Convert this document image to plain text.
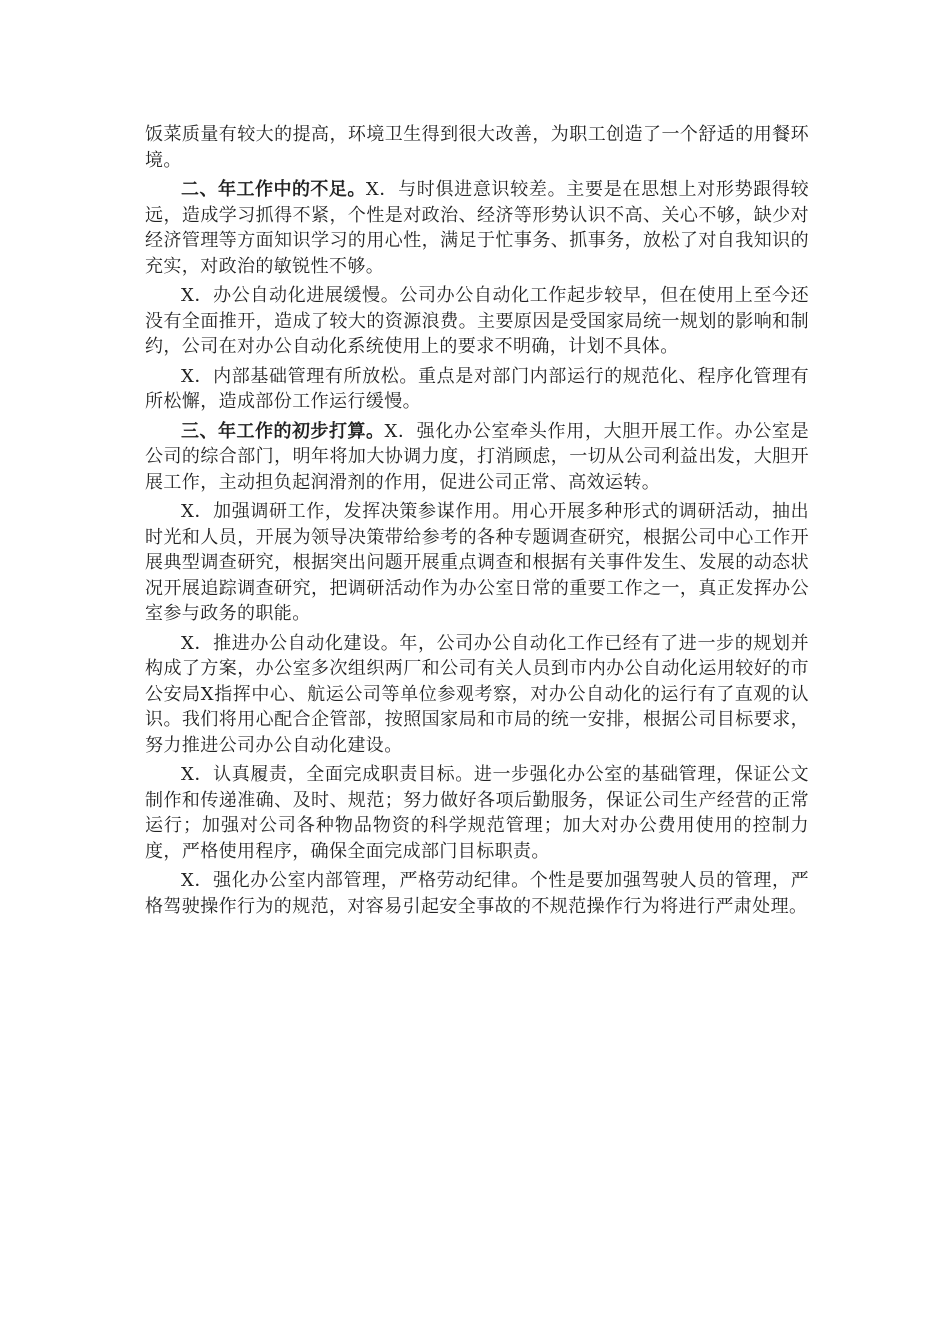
饭菜质量有较大的提高，环境卫生得到很大改善，为职工创造了一个舒适的用餐环境。

二、年工作中的不足。X．与时俱进意识较差。主要是在思想上对形势跟得较远，造成学习抓得不紧，个性是对政治、经济等形势认识不高、关心不够，缺少对经济管理等方面知识学习的用心性，满足于忙事务、抓事务，放松了对自我知识的充实，对政治的敏锐性不够。

X．办公自动化进展缓慢。公司办公自动化工作起步较早，但在使用上至今还没有全面推开，造成了较大的资源浪费。主要原因是受国家局统一规划的影响和制约，公司在对办公自动化系统使用上的要求不明确，计划不具体。

X．内部基础管理有所放松。重点是对部门内部运行的规范化、程序化管理有所松懈，造成部份工作运行缓慢。

三、年工作的初步打算。X．强化办公室牵头作用，大胆开展工作。办公室是公司的综合部门，明年将加大协调力度，打消顾虑，一切从公司利益出发，大胆开展工作，主动担负起润滑剂的作用，促进公司正常、高效运转。

X．加强调研工作，发挥决策参谋作用。用心开展多种形式的调研活动，抽出时光和人员，开展为领导决策带给参考的各种专题调查研究，根据公司中心工作开展典型调查研究，根据突出问题开展重点调查和根据有关事件发生、发展的动态状况开展追踪调查研究，把调研活动作为办公室日常的重要工作之一，真正发挥办公室参与政务的职能。

X．推进办公自动化建设。年，公司办公自动化工作已经有了进一步的规划并构成了方案，办公室多次组织两厂和公司有关人员到市内办公自动化运用较好的市公安局X指挥中心、航运公司等单位参观考察，对办公自动化的运行有了直观的认识。我们将用心配合企管部，按照国家局和市局的统一安排，根据公司目标要求，努力推进公司办公自动化建设。

X．认真履责，全面完成职责目标。进一步强化办公室的基础管理，保证公文制作和传递准确、及时、规范；努力做好各项后勤服务，保证公司生产经营的正常运行；加强对公司各种物品物资的科学规范管理；加大对办公费用使用的控制力度，严格使用程序，确保全面完成部门目标职责。

X．强化办公室内部管理，严格劳动纪律。个性是要加强驾驶人员的管理，严格驾驶操作行为的规范，对容易引起安全事故的不规范操作行为将进行严肃处理。
